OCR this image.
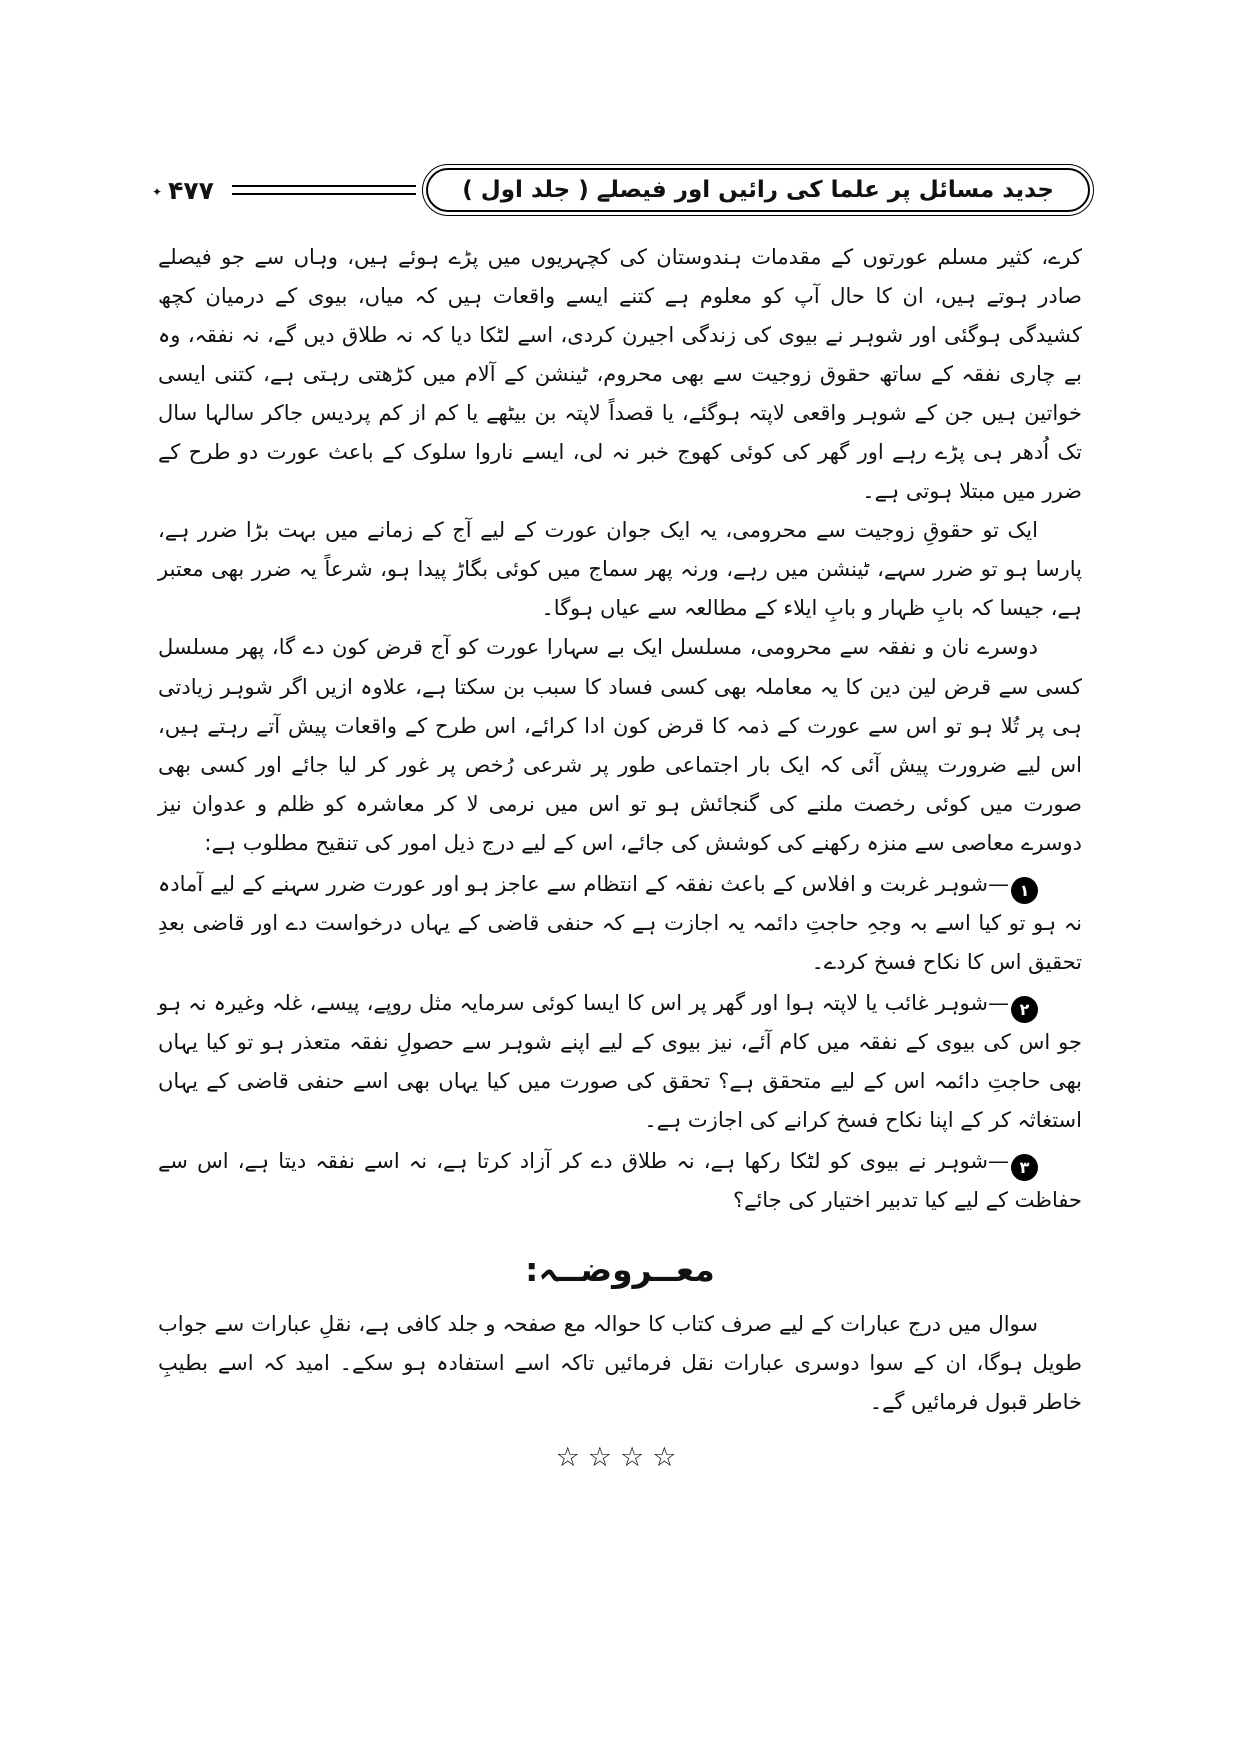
۴۷۷ ✦	جدید مسائل پر علما کی رائیں اور فیصلے ( جلد اول )

کرے، کثیر مسلم عورتوں کے مقدمات ہندوستان کی کچہریوں میں پڑے ہوئے ہیں، وہاں سے جو فیصلے صادر ہوتے ہیں، ان کا حال آپ کو معلوم ہے کتنے ایسے واقعات ہیں کہ میاں، بیوی کے درمیان کچھ کشیدگی ہوگئی اور شوہر نے بیوی کی زندگی اجیرن کردی، اسے لٹکا دیا کہ نہ طلاق دیں گے، نہ نفقہ، وہ بے چاری نفقہ کے ساتھ حقوق زوجیت سے بھی محروم، ٹینشن کے آلام میں کڑھتی رہتی ہے، کتنی ایسی خواتین ہیں جن کے شوہر واقعی لاپتہ ہوگئے، یا قصداً لاپتہ بن بیٹھے یا کم از کم پردیس جاکر سالہا سال تک اُدھر ہی پڑے رہے اور گھر کی کوئی کھوج خبر نہ لی، ایسے ناروا سلوک کے باعث عورت دو طرح کے ضرر میں مبتلا ہوتی ہے۔

ایک تو حقوقِ زوجیت سے محرومی، یہ ایک جوان عورت کے لیے آج کے زمانے میں بہت بڑا ضرر ہے، پارسا ہو تو ضرر سہے، ٹینشن میں رہے، ورنہ پھر سماج میں کوئی بگاڑ پیدا ہو، شرعاً یہ ضرر بھی معتبر ہے، جیسا کہ بابِ ظہار و بابِ ایلاء کے مطالعہ سے عیاں ہوگا۔

دوسرے نان و نفقہ سے محرومی، مسلسل ایک بے سہارا عورت کو آج قرض کون دے گا، پھر مسلسل کسی سے قرض لین دین کا یہ معاملہ بھی کسی فساد کا سبب بن سکتا ہے، علاوہ ازیں اگر شوہر زیادتی ہی پر تُلا ہو تو اس سے عورت کے ذمہ کا قرض کون ادا کرائے، اس طرح کے واقعات پیش آتے رہتے ہیں، اس لیے ضرورت پیش آئی کہ ایک بار اجتماعی طور پر شرعی رُخص پر غور کر لیا جائے اور کسی بھی صورت میں کوئی رخصت ملنے کی گنجائش ہو تو اس میں نرمی لا کر معاشرہ کو ظلم و عدوان نیز دوسرے معاصی سے منزہ رکھنے کی کوشش کی جائے، اس کے لیے درج ذیل امور کی تنقیح مطلوب ہے:

۱—شوہر غربت و افلاس کے باعث نفقہ کے انتظام سے عاجز ہو اور عورت ضرر سہنے کے لیے آمادہ نہ ہو تو کیا اسے بہ وجہِ حاجتِ دائمہ یہ اجازت ہے کہ حنفی قاضی کے یہاں درخواست دے اور قاضی بعدِ تحقیق اس کا نکاح فسخ کردے۔

۲—شوہر غائب یا لاپتہ ہوا اور گھر پر اس کا ایسا کوئی سرمایہ مثل روپے، پیسے، غلہ وغیرہ نہ ہو جو اس کی بیوی کے نفقہ میں کام آئے، نیز بیوی کے لیے اپنے شوہر سے حصولِ نفقہ متعذر ہو تو کیا یہاں بھی حاجتِ دائمہ اس کے لیے متحقق ہے؟ تحقق کی صورت میں کیا یہاں بھی اسے حنفی قاضی کے یہاں استغاثہ کر کے اپنا نکاح فسخ کرانے کی اجازت ہے۔

۳—شوہر نے بیوی کو لٹکا رکھا ہے، نہ طلاق دے کر آزاد کرتا ہے، نہ اسے نفقہ دیتا ہے، اس سے حفاظت کے لیے کیا تدبیر اختیار کی جائے؟

معــروضــہ:

سوال میں درج عبارات کے لیے صرف کتاب کا حوالہ مع صفحہ و جلد کافی ہے، نقلِ عبارات سے جواب طویل ہوگا، ان کے سوا دوسری عبارات نقل فرمائیں تاکہ اسے استفادہ ہو سکے۔ امید کہ اسے بطیبِ خاطر قبول فرمائیں گے۔

☆☆☆☆
